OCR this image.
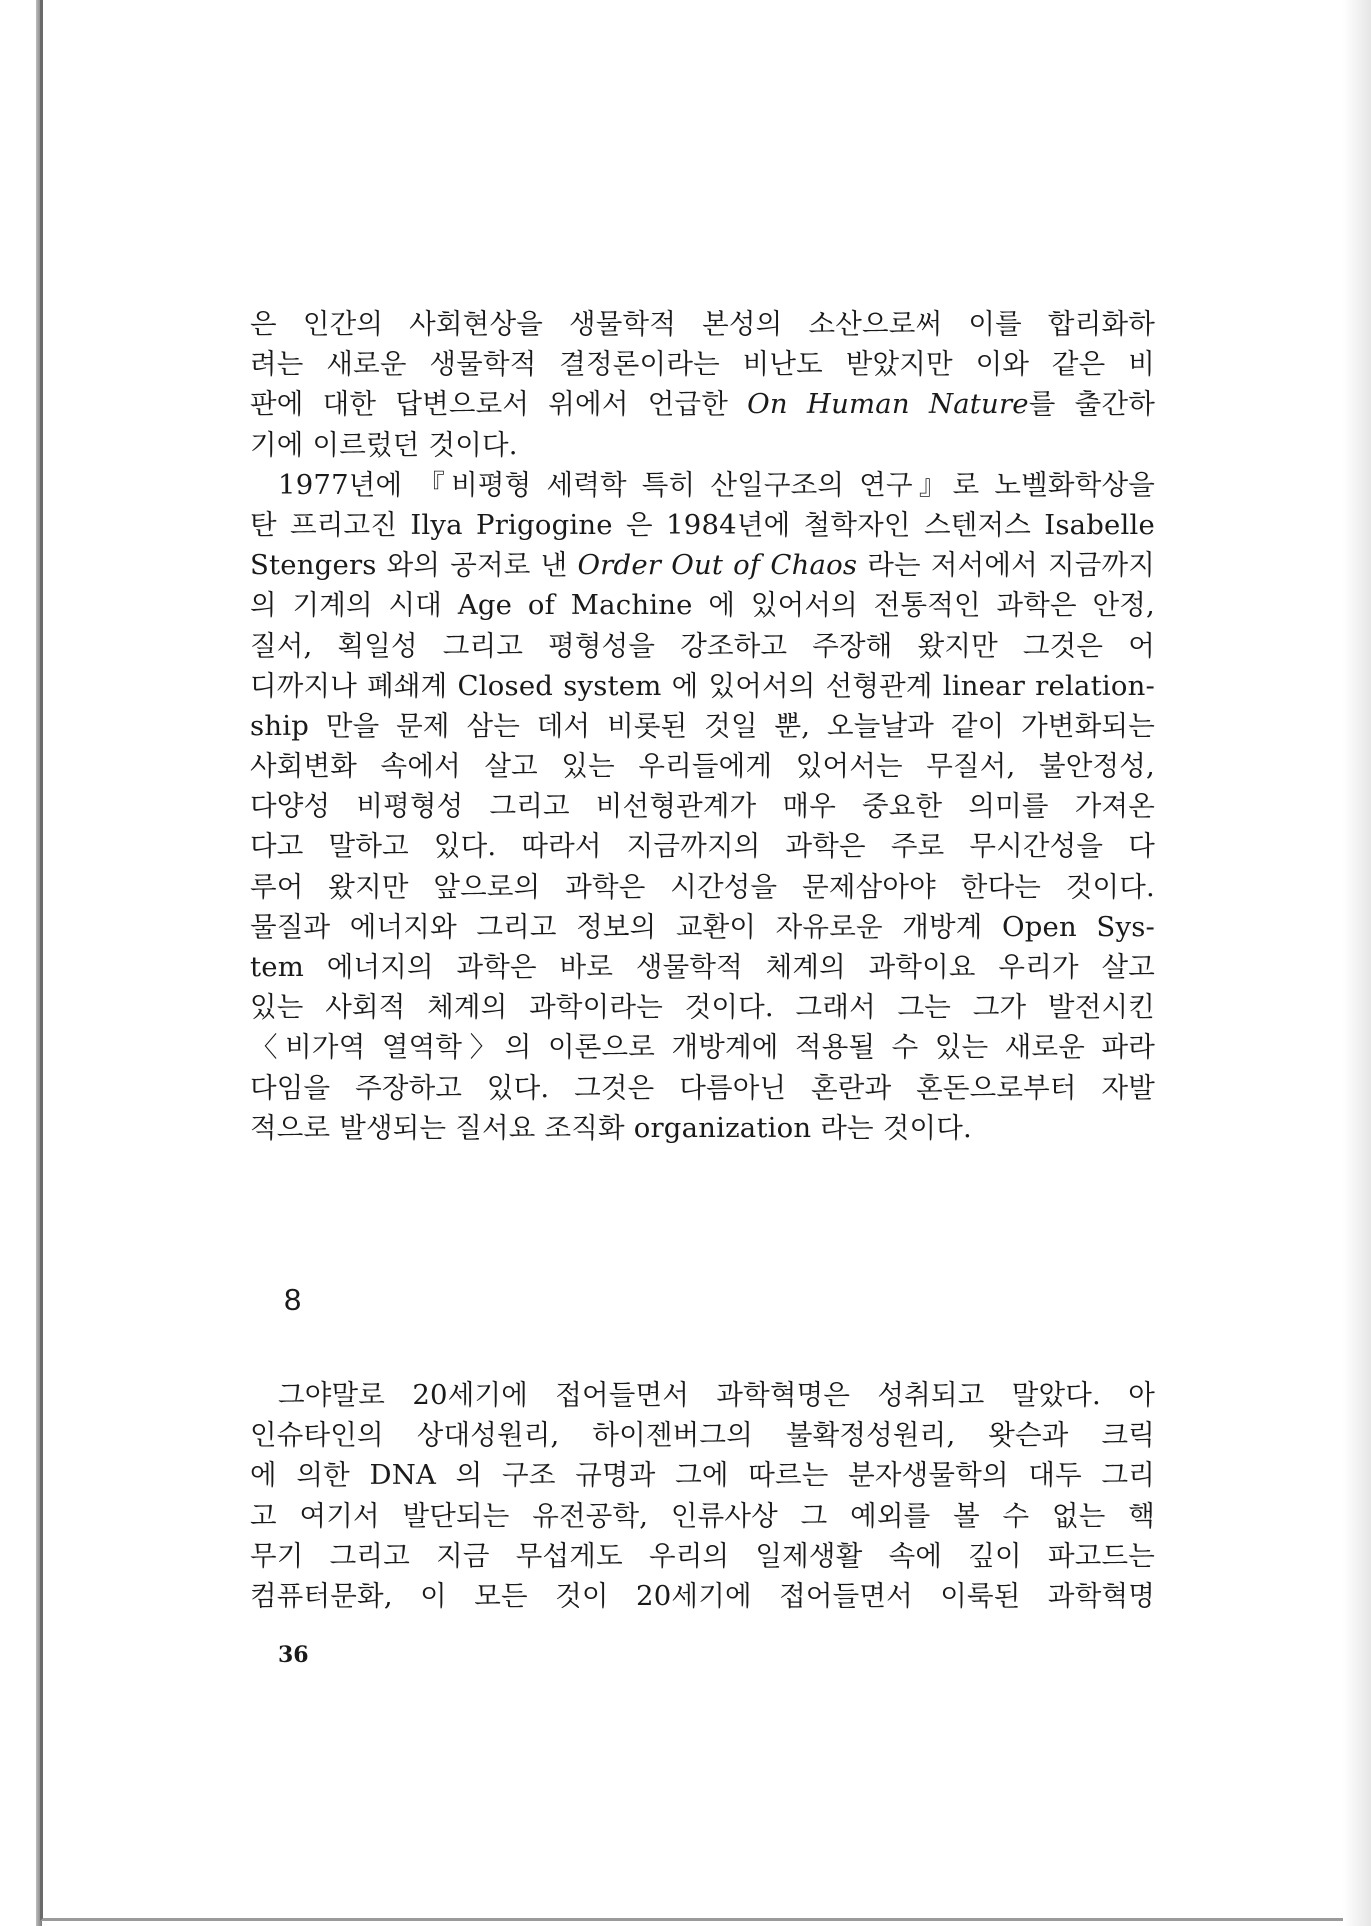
은 인간의 사회현상을 생물학적 본성의 소산으로써 이를 합리화하
려는 새로운 생물학적 결정론이라는 비난도 받았지만 이와 같은 비
판에 대한 답변으로서 위에서 언급한 On Human Nature를 출간하
기에 이르렀던 것이다.
1977년에 『비평형 세력학 특히 산일구조의 연구』로 노벨화학상을
탄 프리고진 Ilya Prigogine 은 1984년에 철학자인 스텐저스 Isabelle
Stengers 와의 공저로 낸 Order Out of Chaos 라는 저서에서 지금까지
의 기계의 시대 Age of Machine 에 있어서의 전통적인 과학은 안정,
질서, 획일성 그리고 평형성을 강조하고 주장해 왔지만 그것은 어
디까지나 폐쇄계 Closed system 에 있어서의 선형관계 linear relation-
ship 만을 문제 삼는 데서 비롯된 것일 뿐, 오늘날과 같이 가변화되는
사회변화 속에서 살고 있는 우리들에게 있어서는 무질서, 불안정성,
다양성 비평형성 그리고 비선형관계가 매우 중요한 의미를 가져온
다고 말하고 있다. 따라서 지금까지의 과학은 주로 무시간성을 다
루어 왔지만 앞으로의 과학은 시간성을 문제삼아야 한다는 것이다.
물질과 에너지와 그리고 정보의 교환이 자유로운 개방계 Open Sys-
tem 에너지의 과학은 바로 생물학적 체계의 과학이요 우리가 살고
있는 사회적 체계의 과학이라는 것이다. 그래서 그는 그가 발전시킨
〈비가역 열역학〉의 이론으로 개방계에 적용될 수 있는 새로운 파라
다임을 주장하고 있다. 그것은 다름아닌 혼란과 혼돈으로부터 자발
적으로 발생되는 질서요 조직화 organization 라는 것이다.
8
그야말로 20세기에 접어들면서 과학혁명은 성취되고 말았다. 아
인슈타인의 상대성원리, 하이젠버그의 불확정성원리, 왓슨과 크릭
에 의한 DNA 의 구조 규명과 그에 따르는 분자생물학의 대두 그리
고 여기서 발단되는 유전공학, 인류사상 그 예외를 볼 수 없는 핵
무기 그리고 지금 무섭게도 우리의 일제생활 속에 깊이 파고드는
컴퓨터문화, 이 모든 것이 20세기에 접어들면서 이룩된 과학혁명
36
